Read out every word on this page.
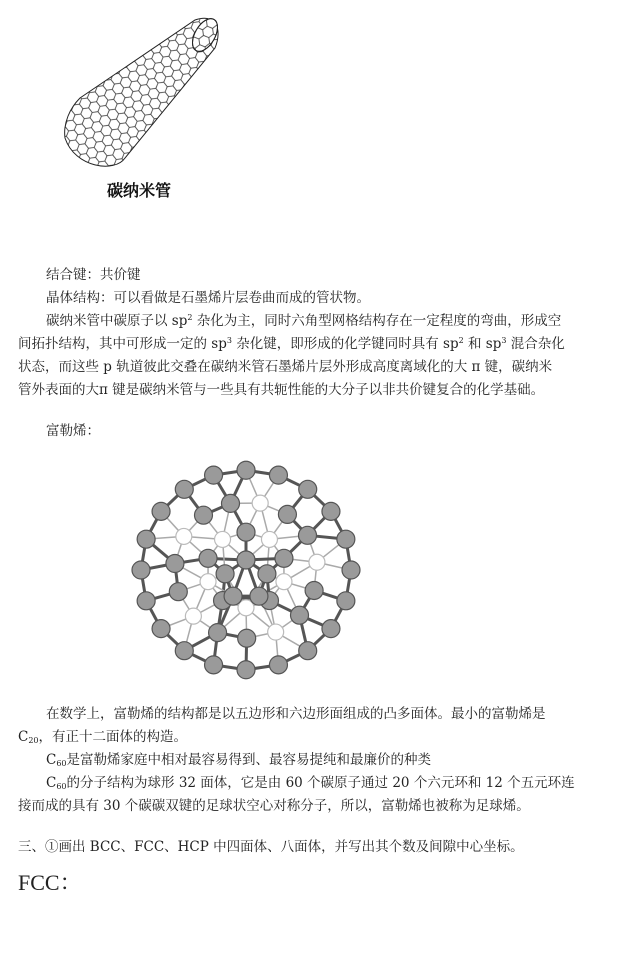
碳纳米管
结合键：共价键
晶体结构：可以看做是石墨烯片层卷曲而成的管状物。
碳纳米管中碳原子以 $sp^2$ 杂化为主，同时六角型网格结构存在一定程度的弯曲，形成空
间拓扑结构，其中可形成一定的 $sp^3$ 杂化键，即形成的化学键同时具有 $sp^2$ 和 $sp^3$ 混合杂化
状态，而这些 p 轨道彼此交叠在碳纳米管石墨烯片层外形成高度离域化的大 π 键，碳纳米
管外表面的大π 键是碳纳米管与一些具有共轭性能的大分子以非共价键复合的化学基础。
富勒烯：
在数学上，富勒烯的结构都是以五边形和六边形面组成的凸多面体。最小的富勒烯是
$C_{20}$，有正十二面体的构造。
$C_{60}$是富勒烯家庭中相对最容易得到、最容易提纯和最廉价的种类
$C_{60}$的分子结构为球形 32 面体，它是由 60 个碳原子通过 20 个六元环和 12 个五元环连
接而成的具有 30 个碳碳双键的足球状空心对称分子，所以，富勒烯也被称为足球烯。
三、①画出 BCC、FCC、HCP 中四面体、八面体，并写出其个数及间隙中心坐标。
FCC：
